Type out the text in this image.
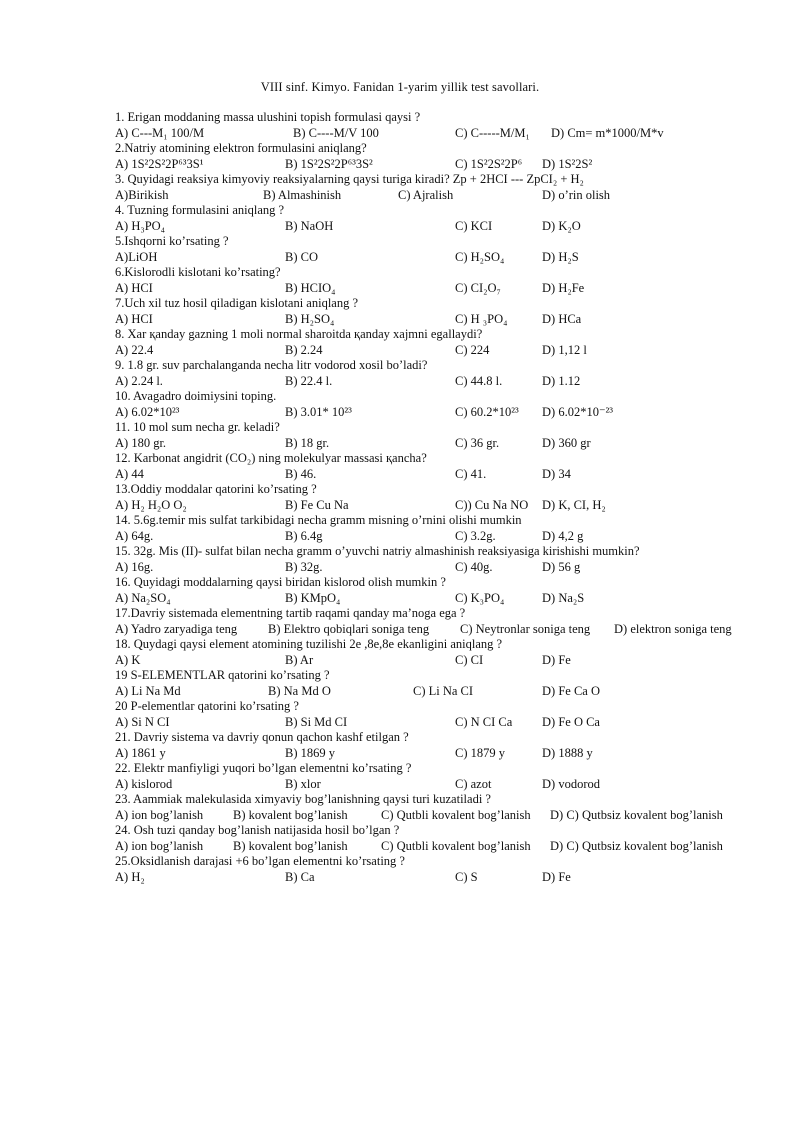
VIII sinf. Kimyo. Fanidan 1-yarim yillik test savollari.
1. Erigan moddaning massa ulushini topish formulasi qaysi ?
A) C---M₁ 100/M	B) C----M/V 100	C) C-----M/M₁ D) Cm= m*1000/M*v
2.Natriy atomining elektron formulasini aniqlang?
A) 1S²2S²2P⁶³3S¹	B) 1S²2S²2P⁶³3S²	C) 1S²2S²2P⁶ D) 1S²2S²
3. Quyidagi reaksiya kimyoviy reaksiyalarning qaysi turiga kiradi? Zp + 2HCI --- ZpCI₂ + H₂
A)Birikish	B) Almashinish	C) Ajralish	D) o’rin olish
4. Tuzning formulasini aniqlang ?
A) H₃PO₄	B) NaOH	C) KCI	D) K₂O
5.Ishqorni ko’rsating ?
A)LiOH	B) CO	C) H₂SO₄	D) H₂S
6.Kislorodli kislotani ko’rsating?
A) HCI	B) HCIO₄	C) CI₂O₇	D) H₂Fe
7.Uch xil tuz hosil qiladigan kislotani aniqlang ?
A) HCI	B) H₂SO₄	C) H ₃PO₄	D) HCa
8. Хar қanday gazning 1 moli normal sharoitda қanday xajmni egallaydi?
A) 22.4	B) 2.24	C) 224	D) 1,12 l
9. 1.8 gr. suv parchalanganda necha litr vodorod xosil bo’ladi?
A) 2.24 l.	B) 22.4 l.	C) 44.8 l.	D) 1.12
10. Avagadro doimiysini toping.
A) 6.02*10²³	B) 3.01* 10²³	C) 60.2*10²³ D) 6.02*10⁻²³
11. 10 mol sum necha gr. keladi?
A) 180 gr.	B) 18 gr.	C) 36 gr.	D) 360 gr
12. Karbonat angidrit (CO₂) ning molekulyar massasi қancha?
A) 44	B) 46.	C) 41.	D) 34
13.Oddiy moddalar qatorini ko’rsating ?
A) H₂ H₂O O₂	B) Fe Cu Na	C)) Cu Na NO D) K, CI, H₂
14. 5.6g.temir mis sulfat tarkibidagi necha gramm misning o’rnini olishi mumkin
A) 64g.	B) 6.4g	C) 3.2g.	D) 4,2 g
15. 32g. Mis (II)- sulfat bilan necha gramm o’yuvchi natriy almashinish reaksiyasiga kirishishi mumkin?
A) 16g.	B) 32g.	C) 40g.	D) 56 g
16. Quyidagi moddalarning qaysi biridan kislorod olish mumkin ?
A) Na₂SO₄	B) KMpO₄	C) K₃PO₄	D) Na₂S
17.Davriy sistemada elementning tartib raqami qanday ma’noga ega ?
A) Yadro zaryadiga teng B) Elektro qobiqlari soniga teng C) Neytronlar soniga teng D) elektron soniga teng
18. Quydagi qaysi element atomining tuzilishi 2e ,8e,8e ekanligini aniqlang ?
A) K	B) Ar	C) CI	D) Fe
19 S-ELEMENTLAR qatorini ko’rsating ?
A) Li Na Md	B) Na Md O	C) Li Na CI	D) Fe Ca O
20 P-elementlar qatorini ko’rsating ?
A) Si N CI	B) Si Md CI	C) N CI Ca D) Fe O Ca
21. Davriy sistema va davriy qonun qachon kashf etilgan ?
A) 1861 y	B) 1869 y	C) 1879 y	D) 1888 y
22. Elektr manfiyligi yuqori bo’lgan elementni ko’rsating ?
A) kislorod	B) xlor	C) azot	D) vodorod
23. Aammiak malekulasida ximyaviy bog’lanishning qaysi turi kuzatiladi ?
A) ion bog’lanish B) kovalent bog’lanish	C) Qutbli kovalent bog’lanish D) C) Qutbsiz kovalent bog’lanish
24. Osh tuzi qanday bog’lanish natijasida hosil bo’lgan ?
A) ion bog’lanish B) kovalent bog’lanish	C) Qutbli kovalent bog’lanish D) C) Qutbsiz kovalent bog’lanish
25.Oksidlanish darajasi +6 bo’lgan elementni ko’rsating ?
A) H₂	B) Ca	C) S	D) Fe
